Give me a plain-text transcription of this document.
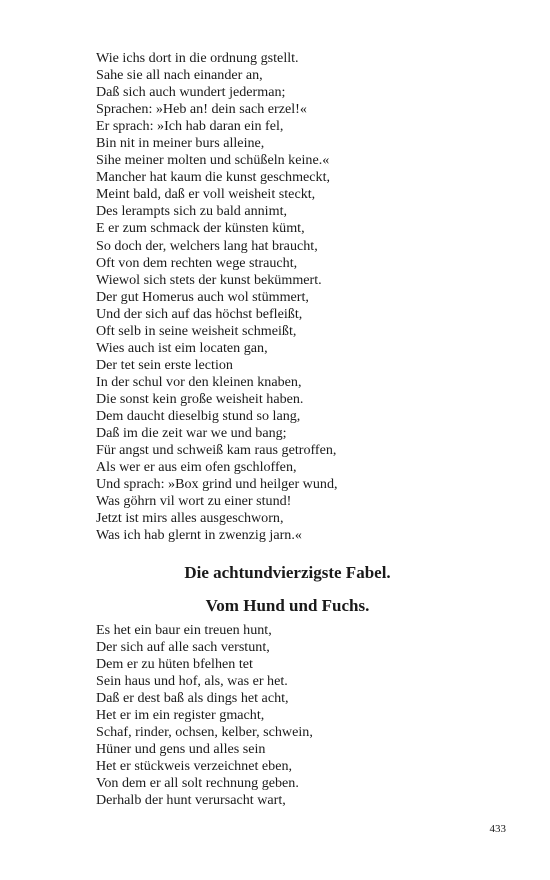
Wie ichs dort in die ordnung gstellt.
Sahe sie all nach einander an,
Daß sich auch wundert jederman;
Sprachen: »Heb an! dein sach erzel!«
Er sprach: »Ich hab daran ein fel,
Bin nit in meiner burs alleine,
Sihe meiner molten und schüßeln keine.«
Mancher hat kaum die kunst geschmeckt,
Meint bald, daß er voll weisheit steckt,
Des lerampts sich zu bald annimt,
E er zum schmack der künsten kümt,
So doch der, welchers lang hat braucht,
Oft von dem rechten wege straucht,
Wiewol sich stets der kunst bekümmert.
Der gut Homerus auch wol stümmert,
Und der sich auf das höchst befleißt,
Oft selb in seine weisheit schmeißt,
Wies auch ist eim locaten gan,
Der tet sein erste lection
In der schul vor den kleinen knaben,
Die sonst kein große weisheit haben.
Dem daucht dieselbig stund so lang,
Daß im die zeit war we und bang;
Für angst und schweiß kam raus getroffen,
Als wer er aus eim ofen gschloffen,
Und sprach: »Box grind und heilger wund,
Was göhrn vil wort zu einer stund!
Jetzt ist mirs alles ausgeschworn,
Was ich hab glernt in zwenzig jarn.«
Die achtundvierzigste Fabel.
Vom Hund und Fuchs.
Es het ein baur ein treuen hunt,
Der sich auf alle sach verstunt,
Dem er zu hüten bfelhen tet
Sein haus und hof, als, was er het.
Daß er dest baß als dings het acht,
Het er im ein register gmacht,
Schaf, rinder, ochsen, kelber, schwein,
Hüner und gens und alles sein
Het er stückweis verzeichnet eben,
Von dem er all solt rechnung geben.
Derhalb der hunt verursacht wart,
433
